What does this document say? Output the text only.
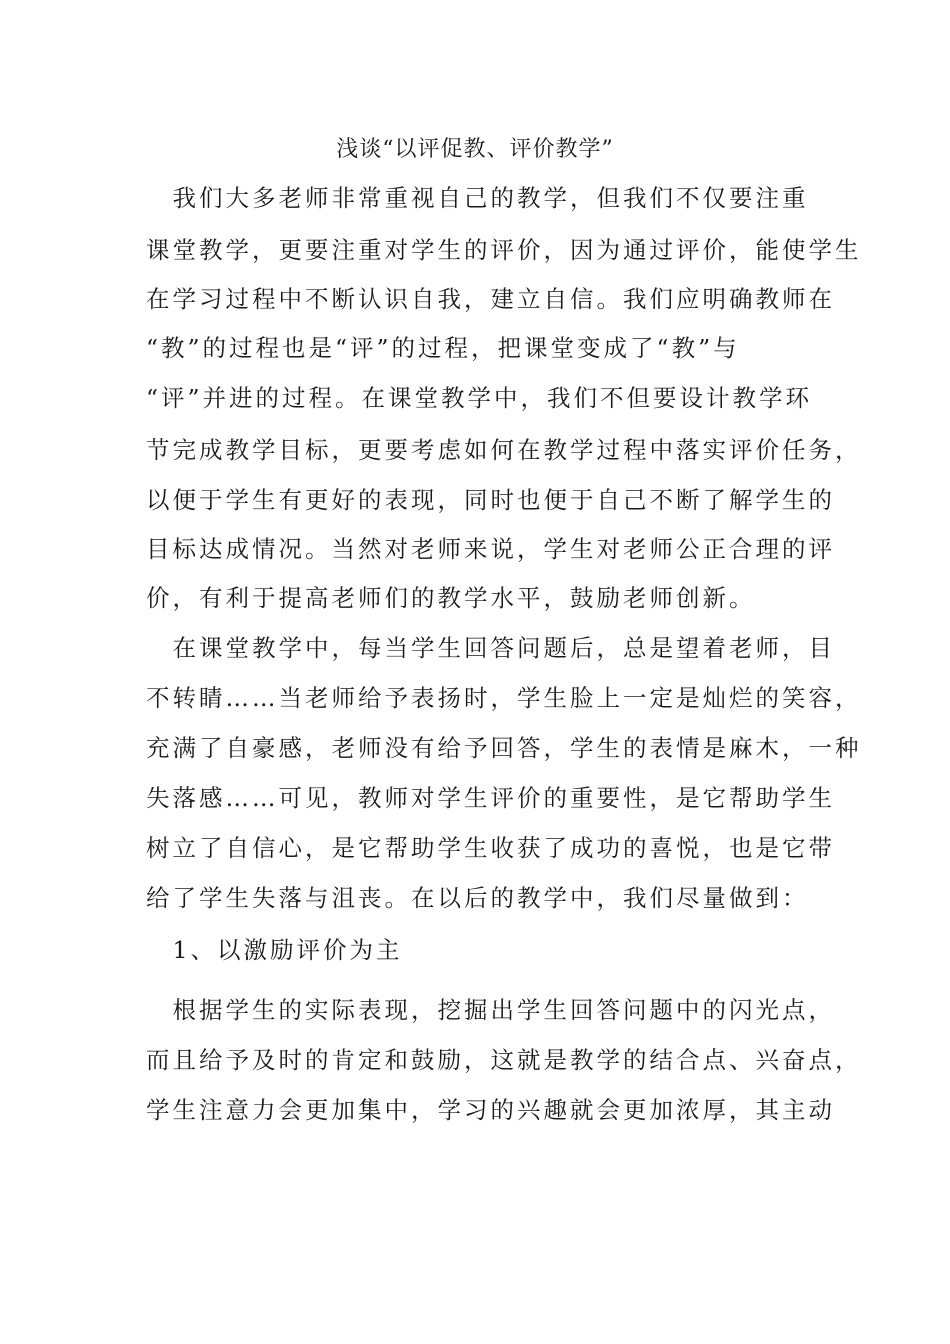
浅谈“以评促教、评价教学”
　我们大多老师非常重视自己的教学，但我们不仅要注重
课堂教学，更要注重对学生的评价，因为通过评价，能使学生
在学习过程中不断认识自我，建立自信。我们应明确教师在
“教”的过程也是“评”的过程，把课堂变成了“教”与
“评”并进的过程。在课堂教学中，我们不但要设计教学环
节完成教学目标，更要考虑如何在教学过程中落实评价任务，
以便于学生有更好的表现，同时也便于自己不断了解学生的
目标达成情况。当然对老师来说，学生对老师公正合理的评
价，有利于提高老师们的教学水平，鼓励老师创新。
　在课堂教学中，每当学生回答问题后，总是望着老师，目
不转睛……当老师给予表扬时，学生脸上一定是灿烂的笑容，
充满了自豪感，老师没有给予回答，学生的表情是麻木，一种
失落感……可见，教师对学生评价的重要性，是它帮助学生
树立了自信心，是它帮助学生收获了成功的喜悦，也是它带
给了学生失落与沮丧。在以后的教学中，我们尽量做到：
　1、以激励评价为主
　根据学生的实际表现，挖掘出学生回答问题中的闪光点，
而且给予及时的肯定和鼓励，这就是教学的结合点、兴奋点，
学生注意力会更加集中，学习的兴趣就会更加浓厚，其主动
